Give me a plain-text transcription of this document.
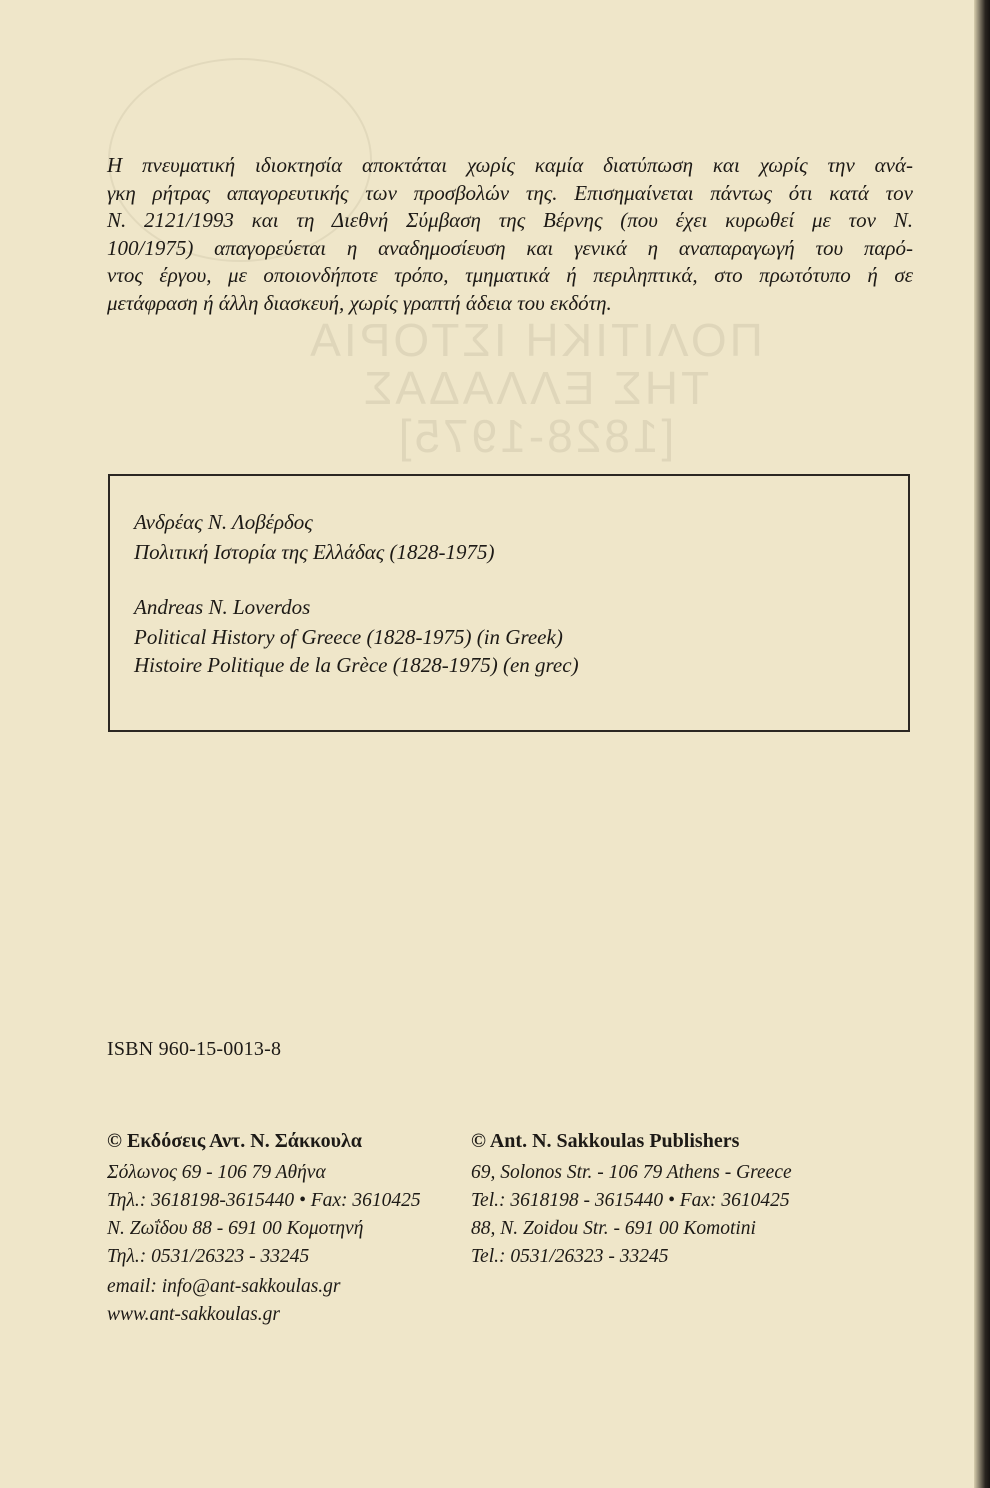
ΠΟΛΙΤΙΚΗ ΙΣΤΟΡΙΑ
ΤΗΣ ΕΛΛΑΔΑΣ
[1828-1975]

Η πνευματική ιδιοκτησία αποκτάται χωρίς καμία διατύπωση και χωρίς την ανά-
γκη ρήτρας απαγορευτικής των προσβολών της. Επισημαίνεται πάντως ότι κατά τον
Ν. 2121/1993 και τη Διεθνή Σύμβαση της Βέρνης (που έχει κυρωθεί με τον Ν.
100/1975) απαγορεύεται η αναδημοσίευση και γενικά η αναπαραγωγή του παρό-
ντος έργου, με οποιονδήποτε τρόπο, τμηματικά ή περιληπτικά, στο πρωτότυπο ή σε
μετάφραση ή άλλη διασκευή, χωρίς γραπτή άδεια του εκδότη.

Ανδρέας Ν. Λοβέρδος
Πολιτική Ιστορία της Ελλάδας (1828-1975)
Andreas N. Loverdos
Political History of Greece (1828-1975) (in Greek)
Histoire Politique de la Grèce (1828-1975) (en grec)
ISBN 960-15-0013-8
© Εκδόσεις Αντ. Ν. Σάκκουλα
Σόλωνος 69 - 106 79 Αθήνα
Τηλ.: 3618198-3615440 • Fax: 3610425
Ν. Ζωΐδου 88 - 691 00 Κομοτηνή
Τηλ.: 0531/26323 - 33245
email: info@ant-sakkoulas.gr
www.ant-sakkoulas.gr
© Ant. N. Sakkoulas Publishers
69, Solonos Str. - 106 79 Athens - Greece
Tel.: 3618198 - 3615440 • Fax: 3610425
88, N. Zoidou Str. - 691 00 Komotini
Tel.: 0531/26323 - 33245
